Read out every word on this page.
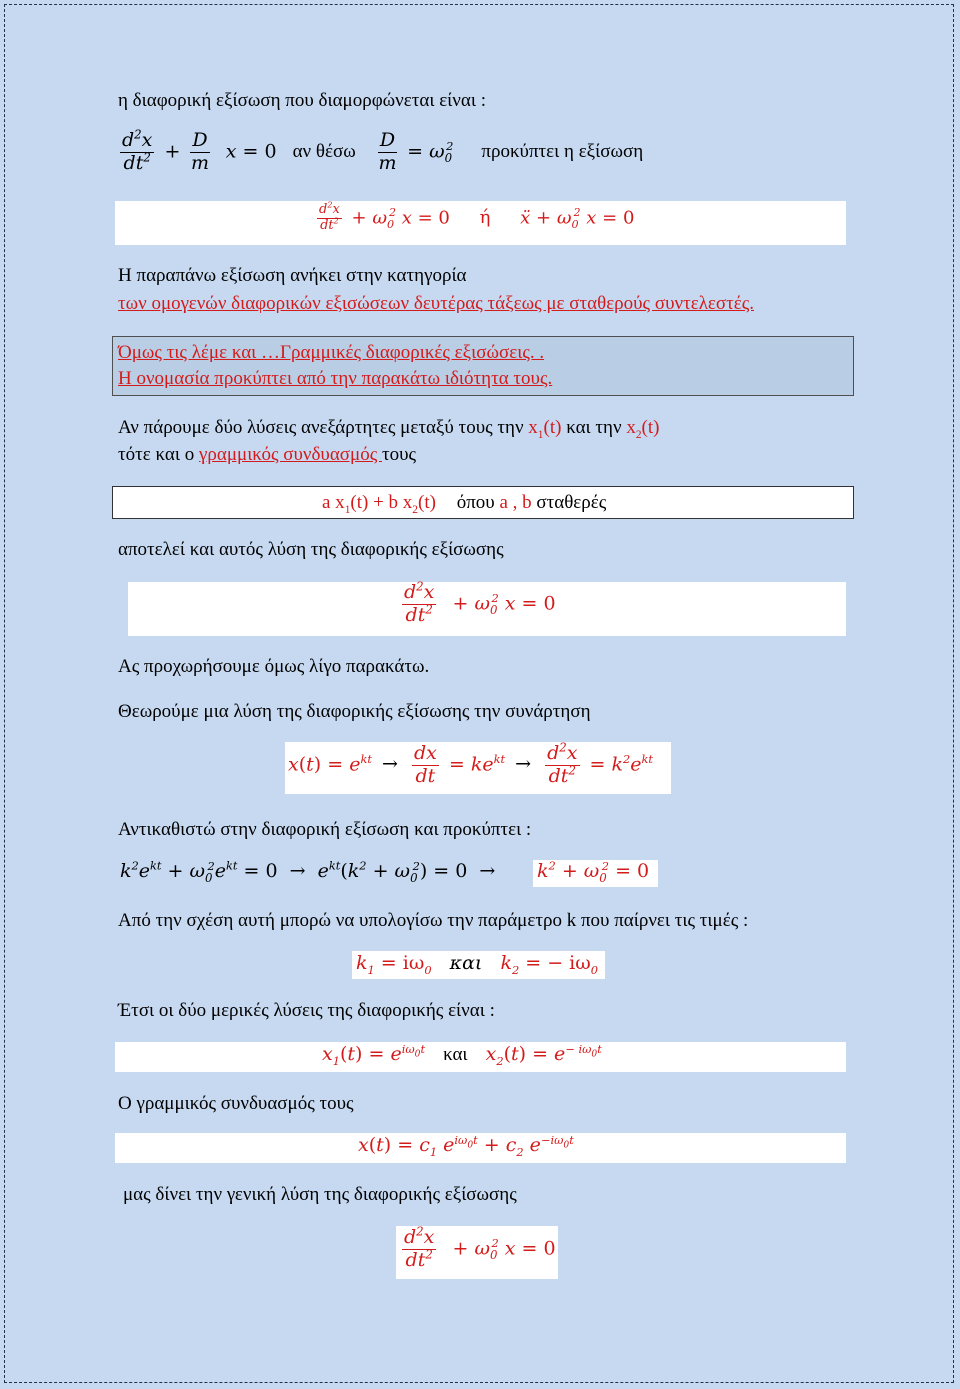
η διαφορική εξίσωση που διαμορφώνεται είναι :
$\frac{d^2x}{dt^2} + \frac{D}{m}$ x = 0 αν θέσω $\frac{D}{m} = \omega_0^2$ προκύπτει η εξίσωση
$\frac{d^2x}{dt^2} + \omega_0^2$ x = 0 ή ẍ + $\omega_0^2$ x = 0
Η παραπάνω εξίσωση ανήκει στην κατηγορία
των ομογενών διαφορικών εξισώσεων δευτέρας τάξεως με σταθερούς συντελεστές.
Όμως τις λέμε και …Γραμμικές διαφορικές εξισώσεις. .
Η ονομασία προκύπτει από την παρακάτω ιδιότητα τους.
Αν πάρουμε δύο λύσεις ανεξάρτητες μεταξύ τους την $x_1(t)$ και την $x_2(t)$
τότε και ο γραμμικός συνδυασμός τους
a $x_1(t) + b$ $x_2(t)$ όπου a , b σταθερές
αποτελεί και αυτός λύση της διαφορικής εξίσωσης
$\frac{d^2x}{dt^2} + \omega_0^2$ x = 0
Ας προχωρήσουμε όμως λίγο παρακάτω.
Θεωρούμε μια λύση της διαφορικής εξίσωσης την συνάρτηση
$x(t) = e^{kt} \to \frac{dx}{dt} = ke^{kt} \to \frac{d^2x}{dt^2} = k^2e^{kt}$
Αντικαθιστώ στην διαφορική εξίσωση και προκύπτει :
$k^2e^{kt} + \omega_0^2e^{kt} = 0 \to e^{kt}(k^2 + \omega_0^2) = 0$ →	$k^2 + \omega_0^2 = 0$
Από την σχέση αυτή μπορώ να υπολογίσω την παράμετρο k που παίρνει τις τιμές :
$k_1 = i\omega_0$ και $k_2$ = − $i\omega_0$
Έτσι οι δύο μερικές λύσεις της διαφορικής είναι :
$x_1(t) = e^{i\omega_0t}$ και $x_2(t) = e^{- i\omega_0t}$
Ο γραμμικός συνδυασμός τους
$x(t) = c_1$ $e^{i\omega_0t} + c_2$ $e^{-i\omega_0t}$
μας δίνει την γενική λύση της διαφορικής εξίσωσης
$\frac{d^2x}{dt^2} + \omega_0^2$ x = 0
